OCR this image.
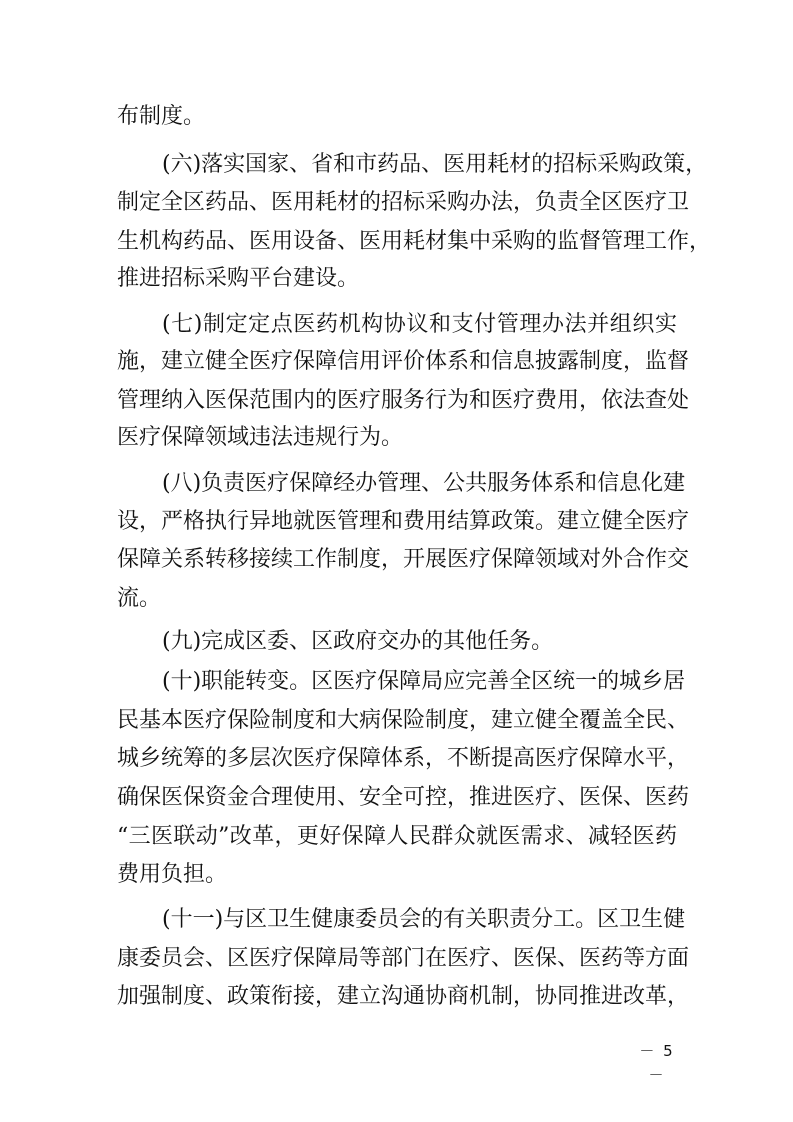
布制度。
(六)落实国家、省和市药品、医用耗材的招标采购政策，
制定全区药品、医用耗材的招标采购办法，负责全区医疗卫
生机构药品、医用设备、医用耗材集中采购的监督管理工作，
推进招标采购平台建设。
(七)制定定点医药机构协议和支付管理办法并组织实
施，建立健全医疗保障信用评价体系和信息披露制度，监督
管理纳入医保范围内的医疗服务行为和医疗费用，依法查处
医疗保障领域违法违规行为。
(八)负责医疗保障经办管理、公共服务体系和信息化建
设，严格执行异地就医管理和费用结算政策。建立健全医疗
保障关系转移接续工作制度，开展医疗保障领域对外合作交
流。
(九)完成区委、区政府交办的其他任务。
(十)职能转变。区医疗保障局应完善全区统一的城乡居
民基本医疗保险制度和大病保险制度，建立健全覆盖全民、
城乡统筹的多层次医疗保障体系，不断提高医疗保障水平，
确保医保资金合理使用、安全可控，推进医疗、医保、医药
“三医联动”改革，更好保障人民群众就医需求、减轻医药
费用负担。
(十一)与区卫生健康委员会的有关职责分工。区卫生健
康委员会、区医疗保障局等部门在医疗、医保、医药等方面
加强制度、政策衔接，建立沟通协商机制，协同推进改革，
－ 5 －
